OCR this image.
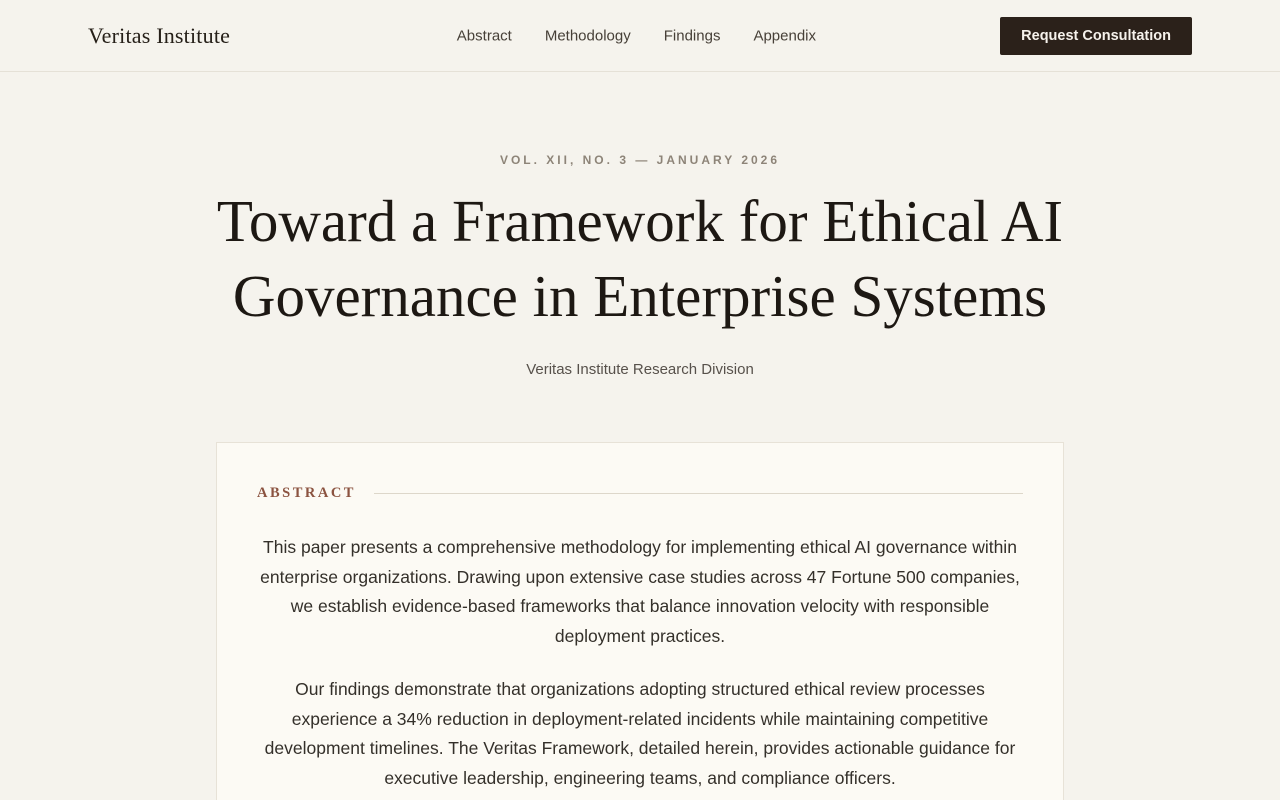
Veritas Institute	Abstract Methodology Findings Appendix	Request Consultation
VOL. XII, NO. 3 — JANUARY 2026
Toward a Framework for Ethical AI
Governance in Enterprise Systems
Veritas Institute Research Division
ABSTRACT

This paper presents a comprehensive methodology for implementing ethical AI governance within enterprise organizations. Drawing upon extensive case studies across 47 Fortune 500 companies, we establish evidence-based frameworks that balance innovation velocity with responsible deployment practices.

Our findings demonstrate that organizations adopting structured ethical review processes experience a 34% reduction in deployment-related incidents while maintaining competitive development timelines. The Veritas Framework, detailed herein, provides actionable guidance for executive leadership, engineering teams, and compliance officers.
